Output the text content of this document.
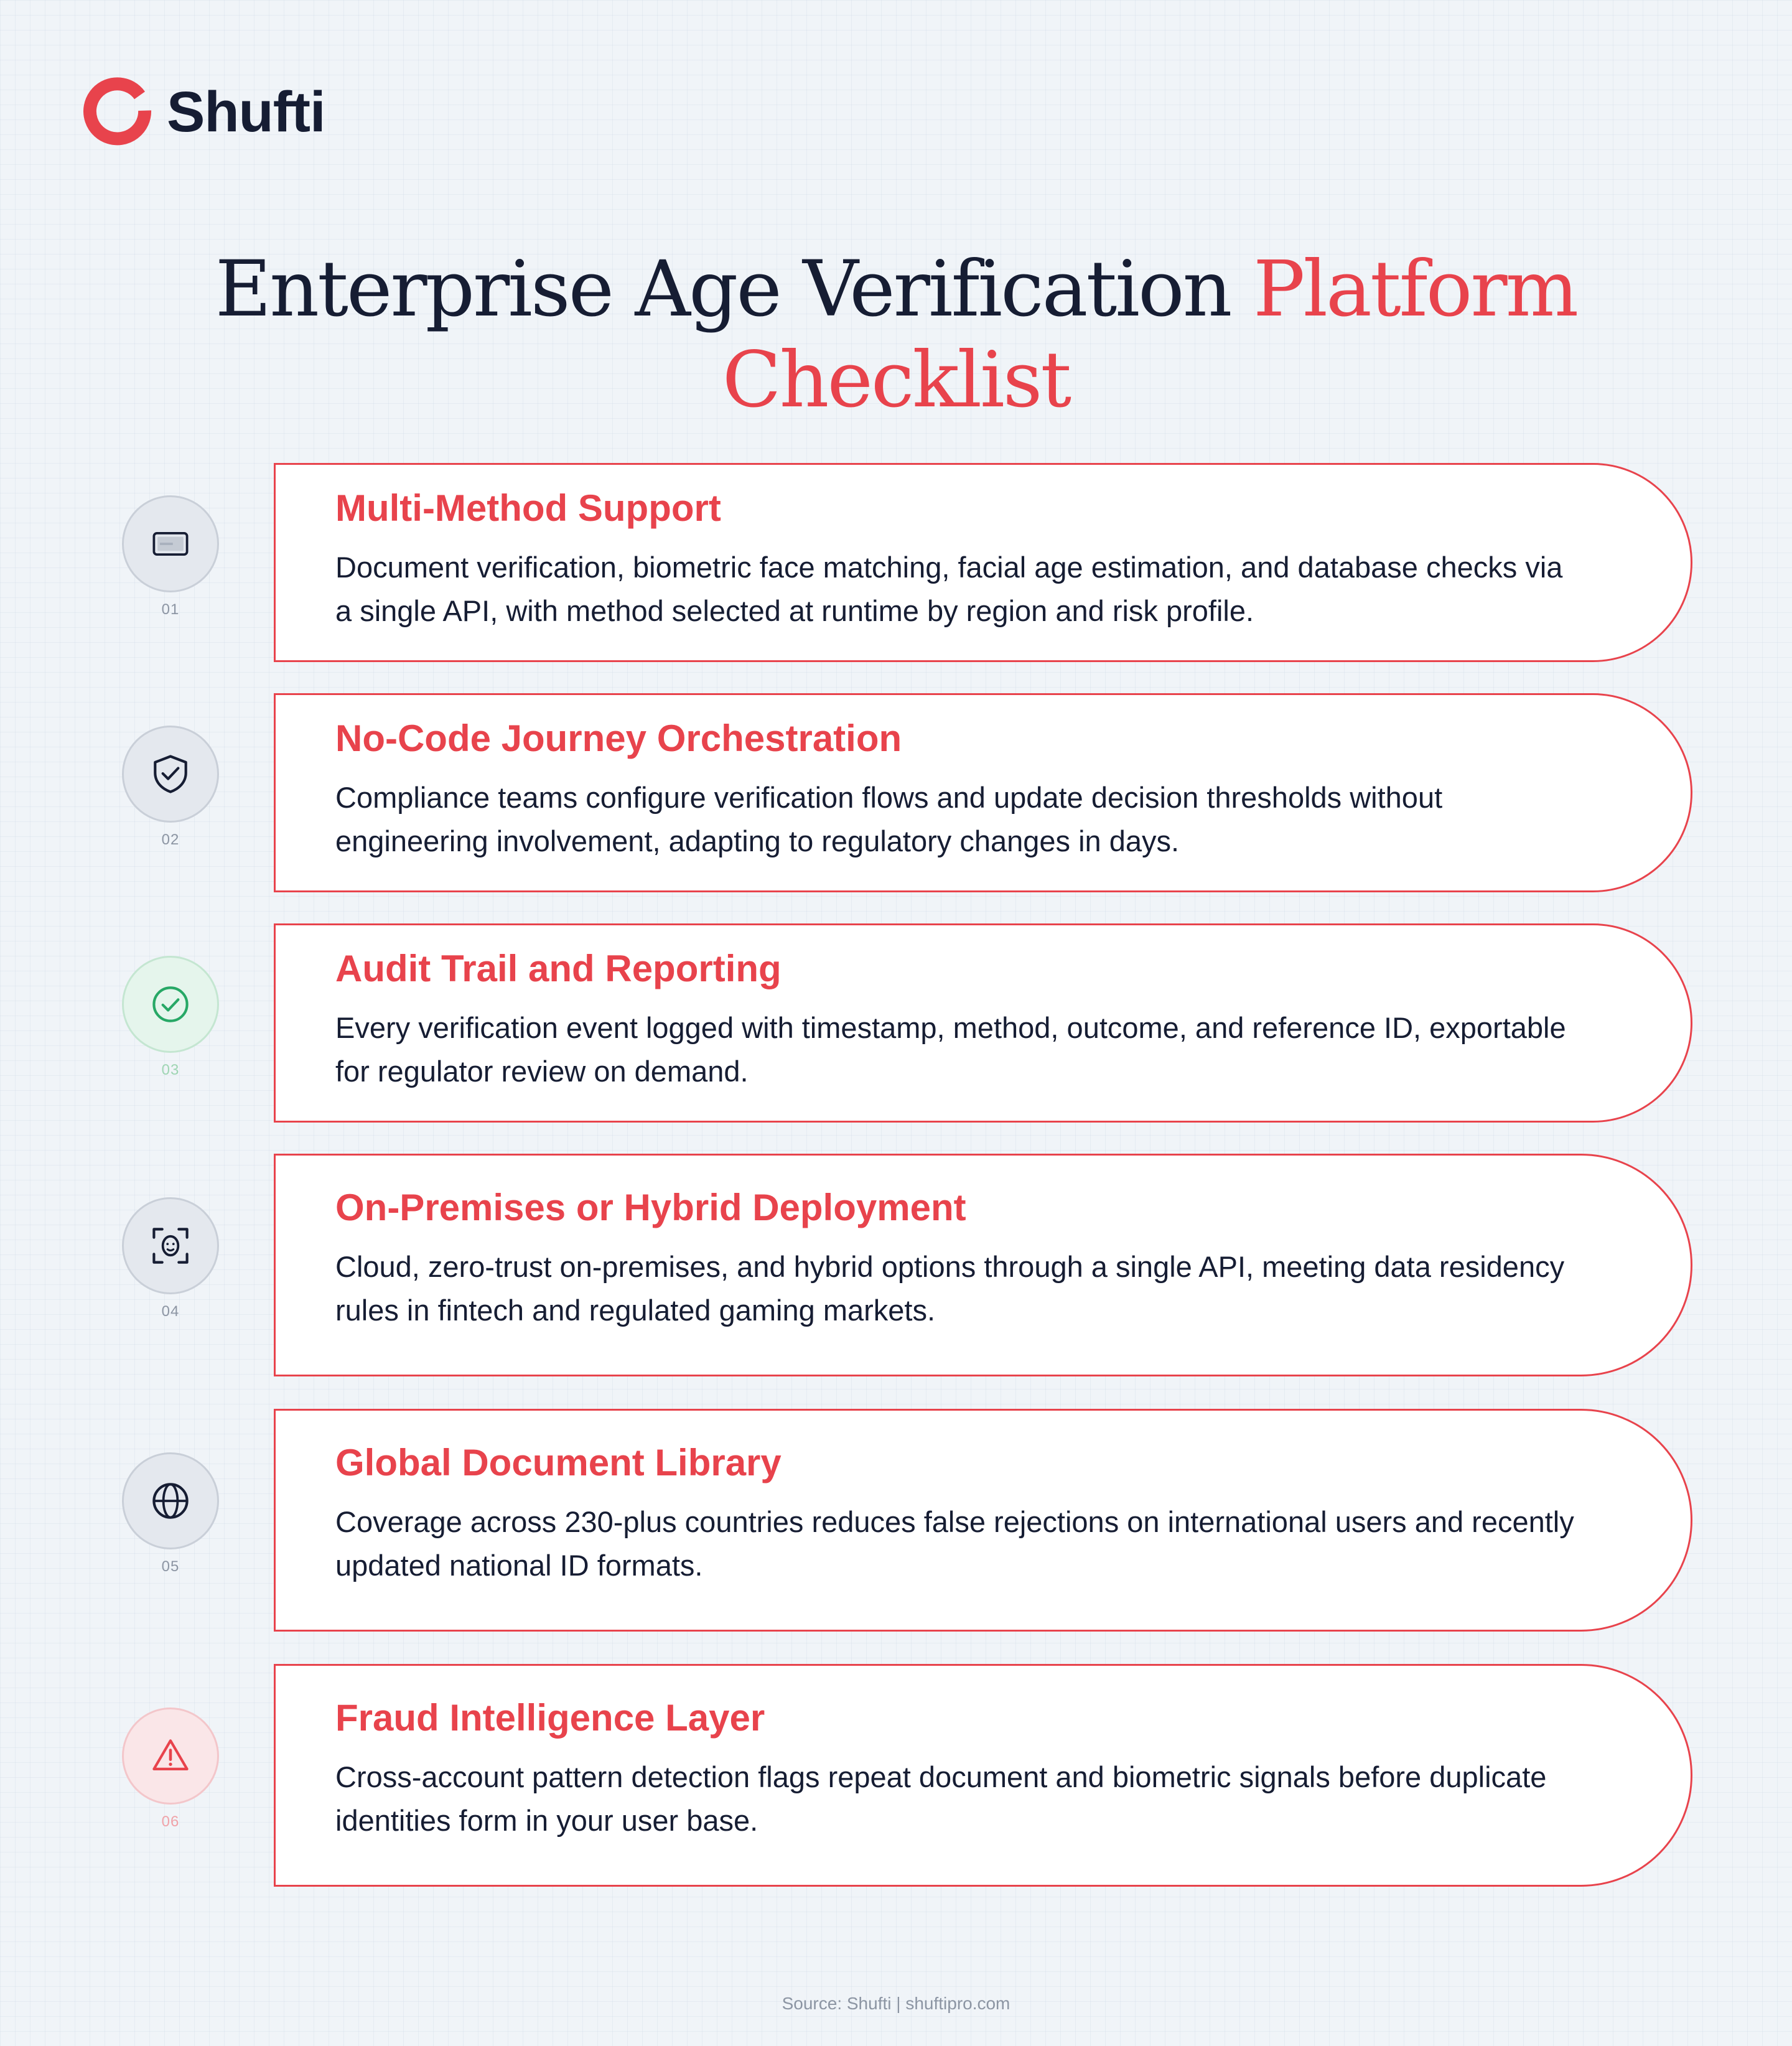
Shufti
Enterprise Age Verification Platform
Checklist
01
Multi-Method Support

Document verification, biometric face matching, facial age estimation, and database checks via a single API, with method selected at runtime by region and risk profile.

02
No-Code Journey Orchestration

Compliance teams configure verification flows and update decision thresholds without engineering involvement, adapting to regulatory changes in days.

03
Audit Trail and Reporting

Every verification event logged with timestamp, method, outcome, and reference ID, exportable for regulator review on demand.

04
On-Premises or Hybrid Deployment

Cloud, zero-trust on-premises, and hybrid options through a single API, meeting data residency rules in fintech and regulated gaming markets.

05
Global Document Library

Coverage across 230-plus countries reduces false rejections on international users and recently updated national ID formats.

06
Fraud Intelligence Layer

Cross-account pattern detection flags repeat document and biometric signals before duplicate identities form in your user base.

Source: Shufti | shuftipro.com
